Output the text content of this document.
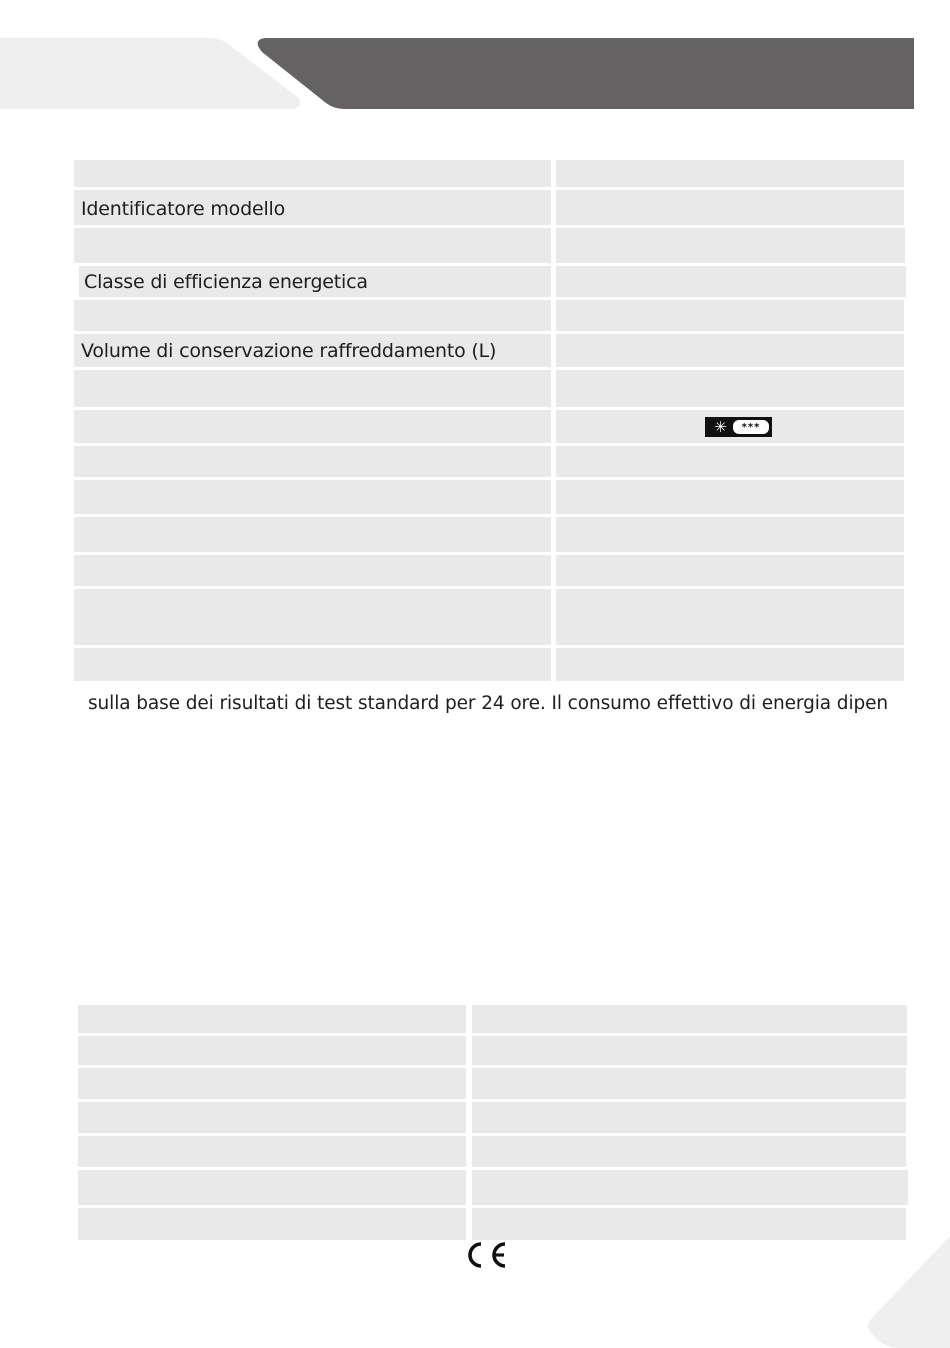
Identificatore modello
Classe di efficienza energetica
Volume di conservazione raffreddamento (L)
✳	***
sulla base dei risultati di test standard per 24 ore. Il consumo effettivo di energia dipen
